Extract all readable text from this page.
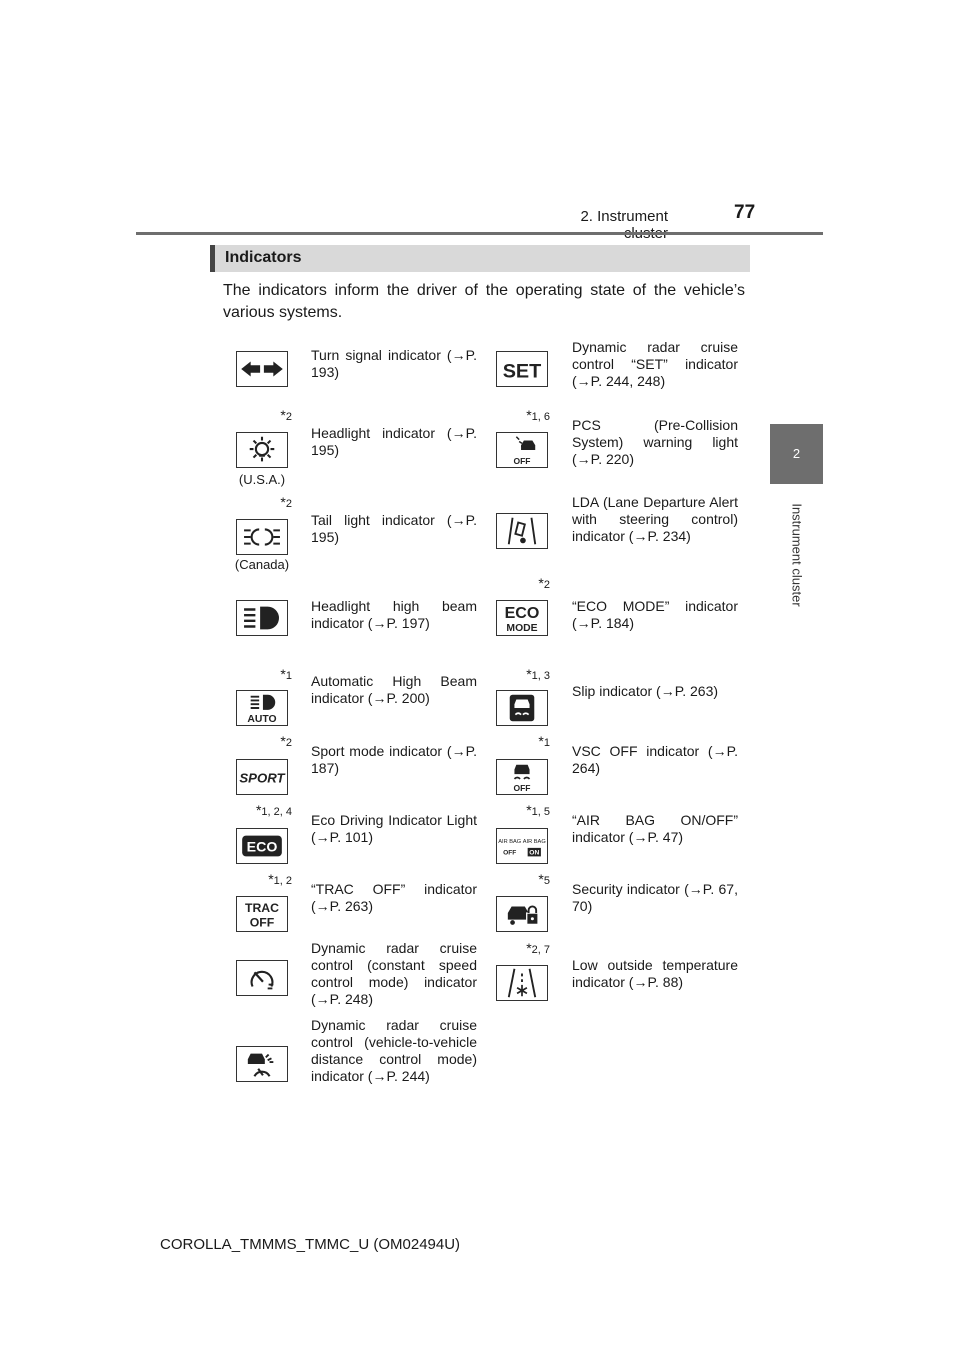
2. Instrument	77
2
Instrument cluster
Indicators
The indicators inform the driver of the operating state of the vehicle’s various systems.
Turn signal indicator (→P. 193)
*2
(U.S.A.)
Headlight indicator (→P. 195)
*2
(Canada)
Tail light indicator (→P. 195)
Headlight high beam indicator (→P. 197)
*1
AUTO
Automatic High Beam indicator (→P. 200)
*2
SPORT
Sport mode indicator (→P. 187)
*1, 2, 4
ECO
Eco Driving Indicator Light (→P. 101)
*1, 2
TRAC
OFF
“TRAC OFF” indicator (→P. 263)
Dynamic radar cruise control (constant speed control mode) indicator (→P. 248)
Dynamic radar cruise control (vehicle-to-vehicle distance control mode) indicator (→P. 244)
SET
Dynamic radar cruise control “SET” indicator (→P. 244, 248)
*1, 6
OFF
PCS (Pre-Collision System) warning light (→P. 220)
LDA (Lane Departure Alert with steering control) indicator (→P. 234)
*2
ECO
MODE
“ECO MODE” indicator (→P. 184)
*1, 3
Slip indicator (→P. 263)
*1
OFF
VSC OFF indicator (→P. 264)
*1, 5
AIR BAG
OFF
AIR BAG
ON
“AIR BAG ON/OFF” indicator (→P. 47)
*5 Security indicator (→P. 67, 70)
*2, 7
Low outside temperature indicator (→P. 88)
COROLLA_TMMMS_TMMC_U (OM02494U)
